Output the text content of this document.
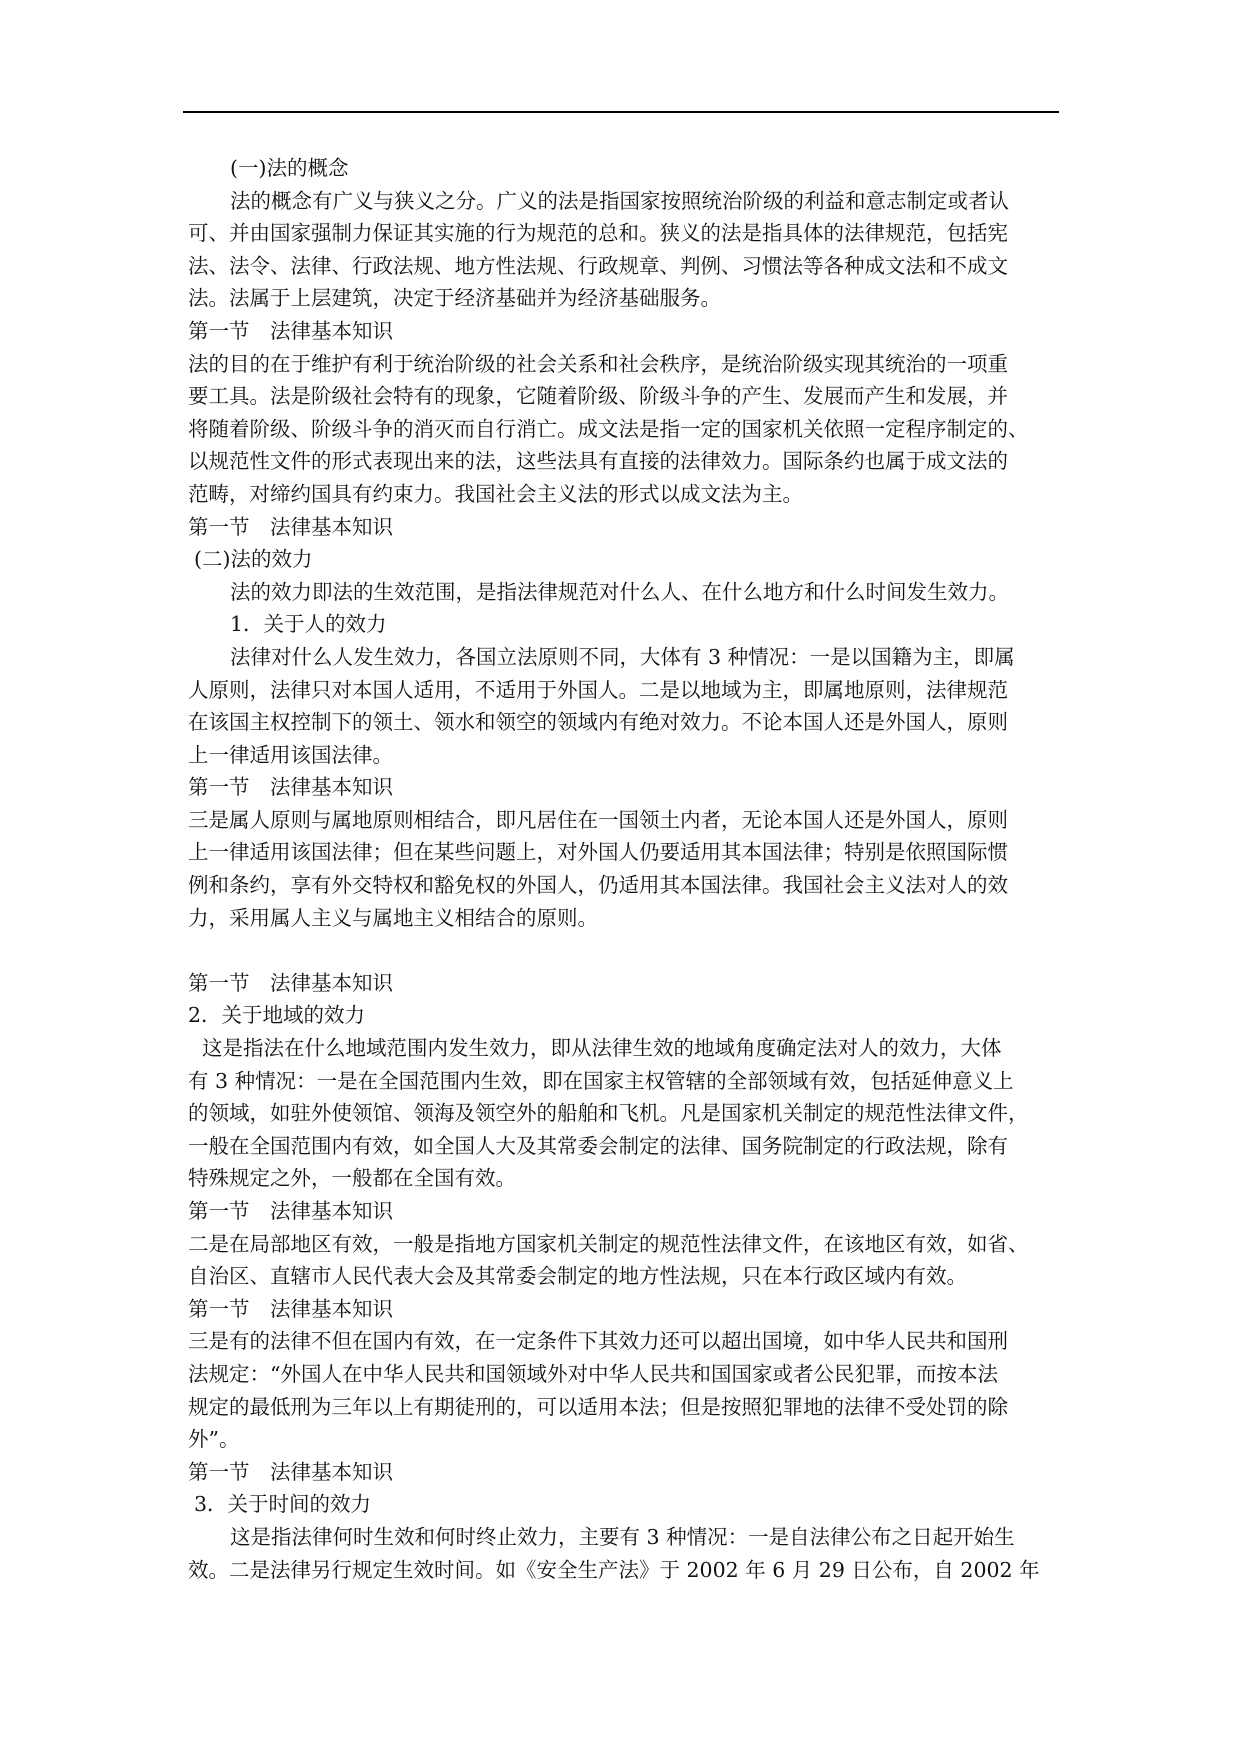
(一)法的概念
法的概念有广义与狭义之分。广义的法是指国家按照统治阶级的利益和意志制定或者认
可、并由国家强制力保证其实施的行为规范的总和。狭义的法是指具体的法律规范，包括宪
法、法令、法律、行政法规、地方性法规、行政规章、判例、习惯法等各种成文法和不成文
法。法属于上层建筑，决定于经济基础并为经济基础服务。
第一节　法律基本知识
法的目的在于维护有利于统治阶级的社会关系和社会秩序，是统治阶级实现其统治的一项重
要工具。法是阶级社会特有的现象，它随着阶级、阶级斗争的产生、发展而产生和发展，并
将随着阶级、阶级斗争的消灭而自行消亡。成文法是指一定的国家机关依照一定程序制定的、
以规范性文件的形式表现出来的法，这些法具有直接的法律效力。国际条约也属于成文法的
范畴，对缔约国具有约束力。我国社会主义法的形式以成文法为主。
第一节　法律基本知识
(二)法的效力
法的效力即法的生效范围，是指法律规范对什么人、在什么地方和什么时间发生效力。
1．关于人的效力
法律对什么人发生效力，各国立法原则不同，大体有 3 种情况：一是以国籍为主，即属
人原则，法律只对本国人适用，不适用于外国人。二是以地域为主，即属地原则，法律规范
在该国主权控制下的领土、领水和领空的领域内有绝对效力。不论本国人还是外国人，原则
上一律适用该国法律。
第一节　法律基本知识
三是属人原则与属地原则相结合，即凡居住在一国领土内者，无论本国人还是外国人，原则
上一律适用该国法律；但在某些问题上，对外国人仍要适用其本国法律；特别是依照国际惯
例和条约，享有外交特权和豁免权的外国人，仍适用其本国法律。我国社会主义法对人的效
力，采用属人主义与属地主义相结合的原则。
第一节　法律基本知识
2．关于地域的效力
这是指法在什么地域范围内发生效力，即从法律生效的地域角度确定法对人的效力，大体
有 3 种情况：一是在全国范围内生效，即在国家主权管辖的全部领域有效，包括延伸意义上
的领域，如驻外使领馆、领海及领空外的船舶和飞机。凡是国家机关制定的规范性法律文件，
一般在全国范围内有效，如全国人大及其常委会制定的法律、国务院制定的行政法规，除有
特殊规定之外，一般都在全国有效。
第一节　法律基本知识
二是在局部地区有效，一般是指地方国家机关制定的规范性法律文件，在该地区有效，如省、
自治区、直辖市人民代表大会及其常委会制定的地方性法规，只在本行政区域内有效。
第一节　法律基本知识
三是有的法律不但在国内有效，在一定条件下其效力还可以超出国境，如中华人民共和国刑
法规定：“外国人在中华人民共和国领域外对中华人民共和国国家或者公民犯罪，而按本法
规定的最低刑为三年以上有期徒刑的，可以适用本法；但是按照犯罪地的法律不受处罚的除
外”。
第一节　法律基本知识
3．关于时间的效力
这是指法律何时生效和何时终止效力，主要有 3 种情况：一是自法律公布之日起开始生
效。二是法律另行规定生效时间。如《安全生产法》于 2002 年 6 月 29 日公布，自 2002 年
